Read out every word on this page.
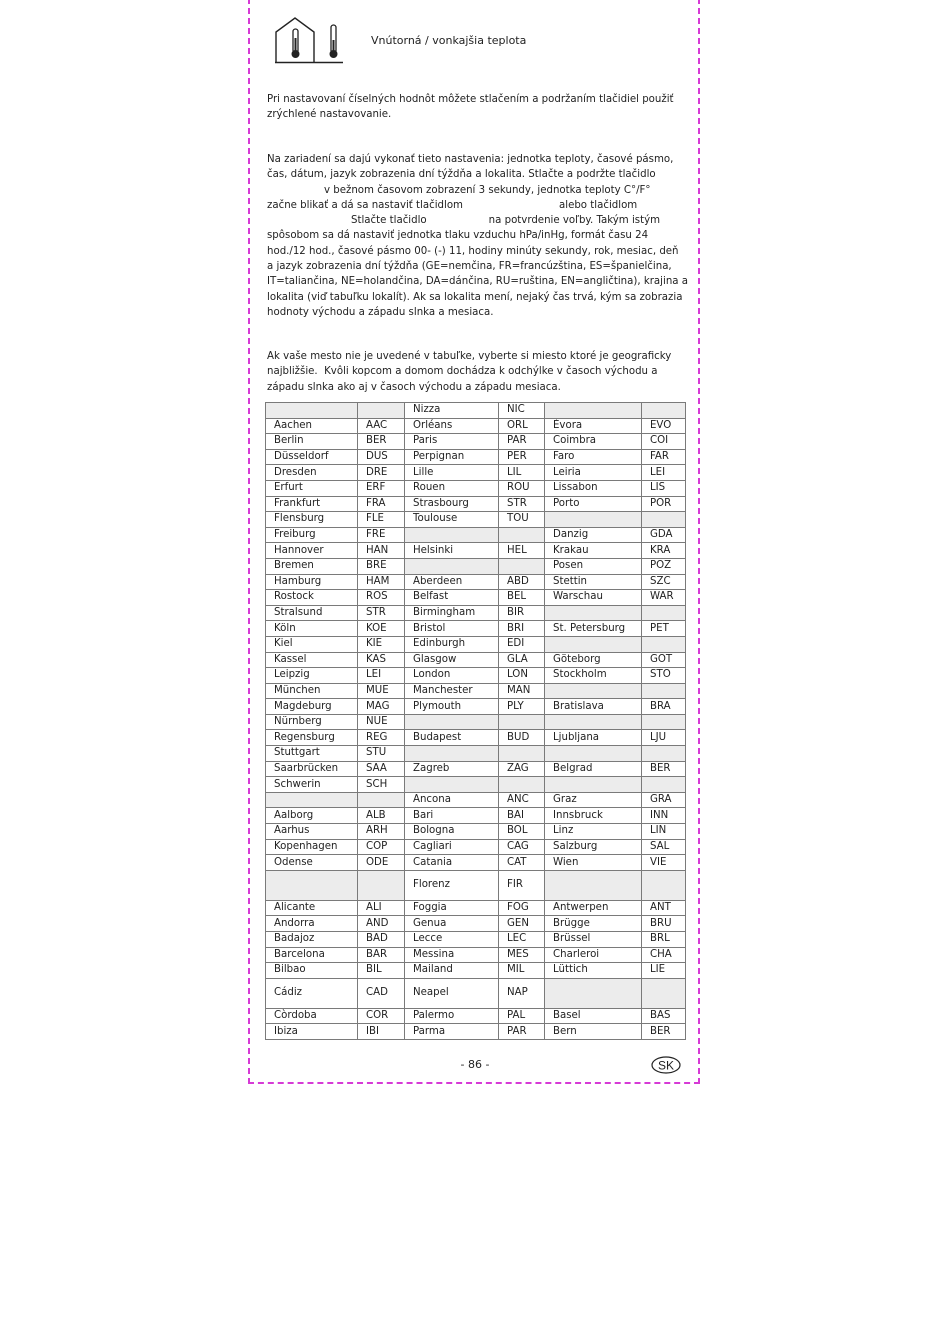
Vnútorná / vonkajšia teplota

Pri nastavovaní číselných hodnôt môžete stlačením a podržaním tlačidiel použiť
zrýchlené nastavovanie.

Na zariadení sa dajú vykonať tieto nastavenia: jednotka teploty, časové pásmo,
čas, dátum, jazyk zobrazenia dní týždňa a lokalita. Stlačte a podržte tlačidlo
v bežnom časovom zobrazení 3 sekundy, jednotka teploty C°/F°
začne blikať a dá sa nastaviť tlačidlom	alebo tlačidlom
Stlačte tlačidlo	na potvrdenie voľby. Takým istým
spôsobom sa dá nastaviť jednotka tlaku vzduchu hPa/inHg, formát času 24
hod./12 hod., časové pásmo 00- (-) 11, hodiny minúty sekundy, rok, mesiac, deň
a jazyk zobrazenia dní týždňa (GE=nemčina, FR=francúzština, ES=španielčina,
IT=taliančina, NE=holandčina, DA=dánčina, RU=ruština, EN=angličtina), krajina a
lokalita (viď tabuľku lokalít). Ak sa lokalita mení, nejaký čas trvá, kým sa zobrazia
hodnoty východu a západu slnka a mesiaca.

Ak vaše mesto nie je uvedené v tabuľke, vyberte si miesto ktoré je geograficky
najbližšie.  Kvôli kopcom a domom dochádza k odchýlke v časoch východu a
západu slnka ako aj v časoch východu a západu mesiaca.

		Nizza	NIC		
Aachen	AAC	Orléans	ORL	Èvora	EVO
Berlin	BER	Paris	PAR	Coimbra	COI
Düsseldorf	DUS	Perpignan	PER	Faro	FAR
Dresden	DRE	Lille	LIL	Leiria	LEI
Erfurt	ERF	Rouen	ROU	Lissabon	LIS
Frankfurt	FRA	Strasbourg	STR	Porto	POR
Flensburg	FLE	Toulouse	TOU		
Freiburg	FRE			Danzig	GDA
Hannover	HAN	Helsinki	HEL	Krakau	KRA
Bremen	BRE			Posen	POZ
Hamburg	HAM	Aberdeen	ABD	Stettin	SZC
Rostock	ROS	Belfast	BEL	Warschau	WAR
Stralsund	STR	Birmingham	BIR		
Köln	KOE	Bristol	BRI	St. Petersburg	PET
Kiel	KIE	Edinburgh	EDI		
Kassel	KAS	Glasgow	GLA	Göteborg	GOT
Leipzig	LEI	London	LON	Stockholm	STO
München	MUE	Manchester	MAN		
Magdeburg	MAG	Plymouth	PLY	Bratislava	BRA
Nürnberg	NUE				
Regensburg	REG	Budapest	BUD	Ljubljana	LJU
Stuttgart	STU				
Saarbrücken	SAA	Zagreb	ZAG	Belgrad	BER
Schwerin	SCH				
		Ancona	ANC	Graz	GRA
Aalborg	ALB	Bari	BAI	Innsbruck	INN
Aarhus	ARH	Bologna	BOL	Linz	LIN
Kopenhagen	COP	Cagliari	CAG	Salzburg	SAL
Odense	ODE	Catania	CAT	Wien	VIE
		Florenz	FIR		
Alicante	ALI	Foggia	FOG	Antwerpen	ANT
Andorra	AND	Genua	GEN	Brügge	BRU
Badajoz	BAD	Lecce	LEC	Brüssel	BRL
Barcelona	BAR	Messina	MES	Charleroi	CHA
Bilbao	BIL	Mailand	MIL	Lüttich	LIE
Cádiz	CAD	Neapel	NAP		
Còrdoba	COR	Palermo	PAL	Basel	BAS
Ibiza	IBI	Parma	PAR	Bern	BER
- 86 -	SK
